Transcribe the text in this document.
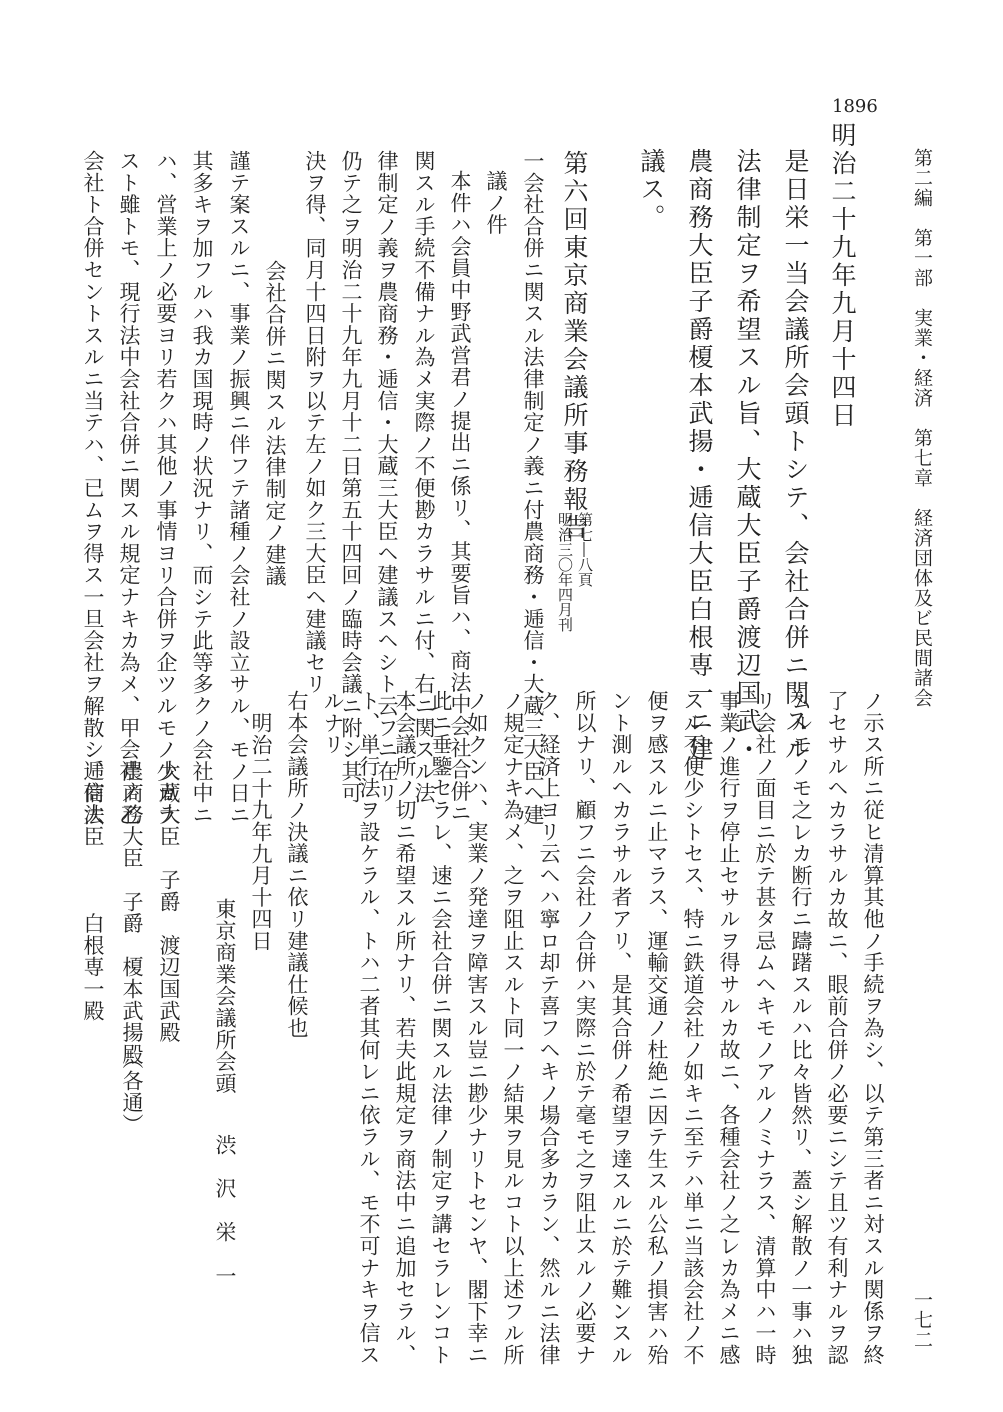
第二編　第一部　実業・経済　第七章　経済団体及ビ民間諸会
一七二
1896
明治二十九年九月十四日
是日栄一当会議所会頭トシテ、会社合併ニ関スル
法律制定ヲ希望スル旨、大蔵大臣子爵渡辺国武・
農商務大臣子爵榎本武揚・逓信大臣白根専一ニ建
議ス。
第六回東京商業会議所事務報告
第七―八頁
明治三〇年四月刊
一会社合併ニ関スル法律制定ノ義ニ付農商務・逓信・大蔵三大臣ヘ建
議ノ件
本件ハ会員中野武営君ノ提出ニ係リ、其要旨ハ、商法中会社合併ニ
関スル手続不備ナル為メ実際ノ不便尠カラサルニ付、右ニ関スル法
律制定ノ義ヲ農商務・逓信・大蔵三大臣ヘ建議スヘシト云フニ在リ
仍テ之ヲ明治二十九年九月十二日第五十四回ノ臨時会議ニ附シ其可
決ヲ得、同月十四日附ヲ以テ左ノ如ク三大臣ヘ建議セリ
会社合併ニ関スル法律制定ノ建議
謹テ案スルニ、事業ノ振興ニ伴フテ諸種ノ会社ノ設立サル、モノ日ニ
其多キヲ加フルハ我カ国現時ノ状況ナリ、而シテ此等多クノ会社中ニ
ハ、営業上ノ必要ヨリ若クハ其他ノ事情ヨリ合併ヲ企ツルモノ少カラ
スト雖トモ、現行法中会社合併ニ関スル規定ナキカ為メ、甲会社ノ乙
会社ト合併セントスルニ当テハ、已ムヲ得ス一旦会社ヲ解散シ、商法
ノ示ス所ニ従ヒ清算其他ノ手続ヲ為シ、以テ第三者ニ対スル関係ヲ終
了セサルヘカラサルカ故ニ、眼前合併ノ必要ニシテ且ツ有利ナルヲ認
ムルモノモ之レカ断行ニ躊躇スルハ比々皆然リ、蓋シ解散ノ一事ハ独
リ会社ノ面目ニ於テ甚タ忌ムヘキモノアルノミナラス、清算中ハ一時
事業ノ進行ヲ停止セサルヲ得サルカ故ニ、各種会社ノ之レカ為メニ感
スル不便少シトセス、特ニ鉄道会社ノ如キニ至テハ単ニ当該会社ノ不
便ヲ感スルニ止マラス、運輸交通ノ杜絶ニ因テ生スル公私ノ損害ハ殆
ント測ルヘカラサル者アリ、是其合併ノ希望ヲ達スルニ於テ難ンスル
所以ナリ、顧フニ会社ノ合併ハ実際ニ於テ毫モ之ヲ阻止スルノ必要ナ
ク、経済上ヨリ云ヘハ寧ロ却テ喜フヘキノ場合多カラン、然ルニ法律
ノ規定ナキ為メ、之ヲ阻止スルト同一ノ結果ヲ見ルコト以上述フル所
ノ如クンハ、実業ノ発達ヲ障害スル豈ニ尠少ナリトセンヤ、閣下幸ニ
此ニ垂鑒セラレ、速ニ会社合併ニ関スル法律ノ制定ヲ講セラレンコト
本会議所ノ切ニ希望スル所ナリ、若夫此規定ヲ商法中ニ追加セラル、
ト、単行法ヲ設ケラル、トハ二者其何レニ依ラル、モ不可ナキヲ信ス
ルナリ
右本会議所ノ決議ニ依リ建議仕候也
明治二十九年九月十四日
東京商業会議所会頭
渋　沢　栄　一
大蔵大臣　子爵　渡辺国武殿
農商務大臣　子爵　榎本武揚殿
（各通）
逓信大臣　　　白根専一殿
